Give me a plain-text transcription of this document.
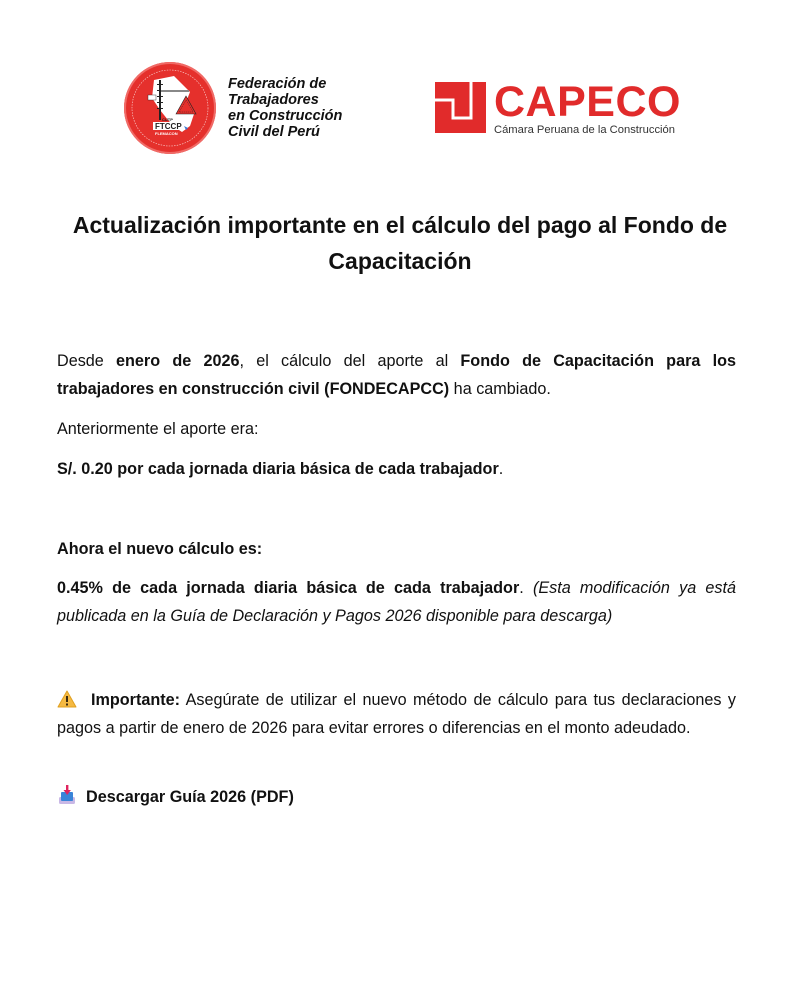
CUTP
FTCCP
FLEMACON
Federación de
Trabajadores
en Construcción
Civil del Perú
CAPECO
Cámara Peruana de la Construcción
Actualización importante en el cálculo del pago al Fondo de Capacitación

Desde enero de 2026, el cálculo del aporte al Fondo de Capacitación para los trabajadores en construcción civil (FONDECAPCC) ha cambiado.

Anteriormente el aporte era:

S/. 0.20 por cada jornada diaria básica de cada trabajador.

Ahora el nuevo cálculo es:

0.45% de cada jornada diaria básica de cada trabajador. (Esta modificación ya está publicada en la Guía de Declaración y Pagos 2026 disponible para descarga)

Importante: Asegúrate de utilizar el nuevo método de cálculo para tus declaraciones y pagos a partir de enero de 2026 para evitar errores o diferencias en el monto adeudado.

Descargar Guía 2026 (PDF)
